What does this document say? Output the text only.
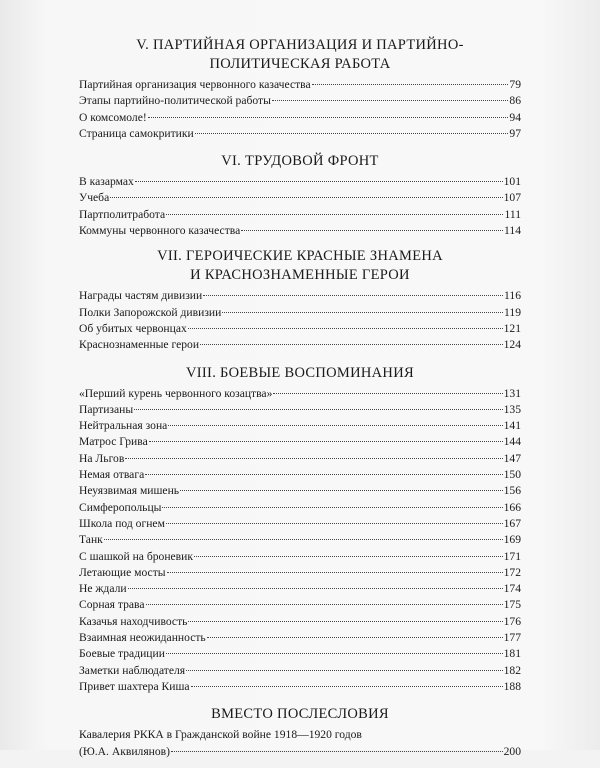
V. ПАРТИЙНАЯ ОРГАНИЗАЦИЯ И ПАРТИЙНО-
ПОЛИТИЧЕСКАЯ РАБОТА
Партийная организация червонного казачества	79
Этапы партийно-политической работы	86
О комсомоле!	94
Страница самокритики	97
VI. ТРУДОВОЙ ФРОНТ
В казармах	101
Учеба	107
Партполитработа	111
Коммуны червонного казачества	114
VII. ГЕРОИЧЕСКИЕ КРАСНЫЕ ЗНАМЕНА
И КРАСНОЗНАМЕННЫЕ ГЕРОИ
Награды частям дивизии	116
Полки Запорожской дивизии	119
Об убитых червонцах	121
Краснознаменные герои	124
VIII. БОЕВЫЕ ВОСПОМИНАНИЯ
«Перший курень червонного козацтва»	131
Партизаны	135
Нейтральная зона	141
Матрос Грива	144
На Льгов	147
Немая отвага	150
Неуязвимая мишень	156
Симферопольцы	166
Школа под огнем	167
Танк	169
С шашкой на броневик	171
Летающие мосты	172
Не ждали	174
Сорная трава	175
Казачья находчивость	176
Взаимная неожиданность	177
Боевые традиции	181
Заметки наблюдателя	182
Привет шахтера Киша	188
ВМЕСТО ПОСЛЕСЛОВИЯ
Кавалерия РККА в Гражданской войне 1918—1920 годов
(Ю.А. Аквилянов)	200
